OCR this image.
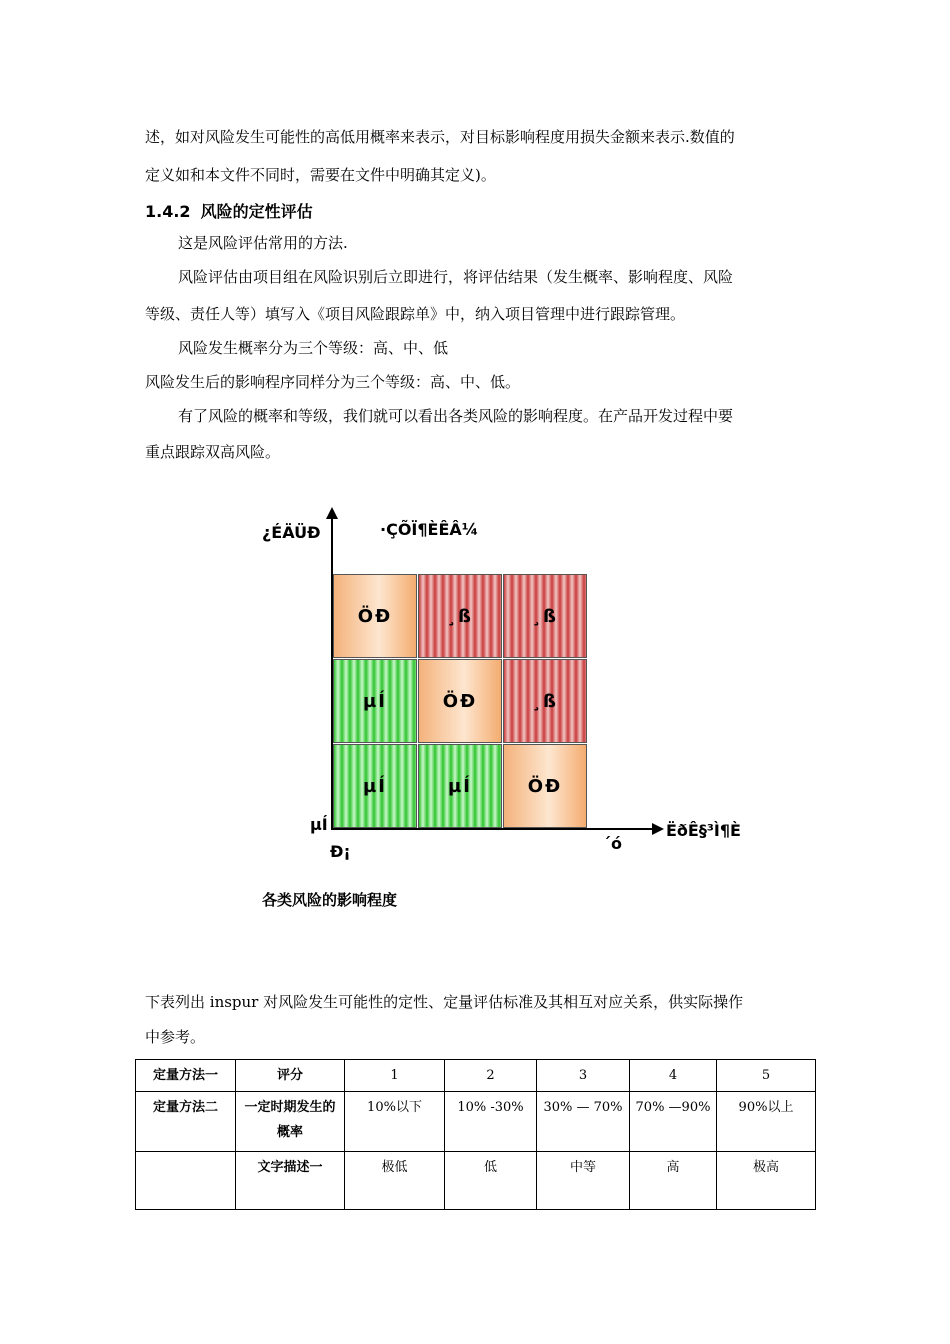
述，如对风险发生可能性的高低用概率来表示，对目标影响程度用损失金额来表示.数值的
定义如和本文件不同时，需要在文件中明确其定义)。
1.4.2 风险的定性评估
这是风险评估常用的方法.
风险评估由项目组在风险识别后立即进行，将评估结果（发生概率、影响程度、风险
等级、责任人等）填写入《项目风险跟踪单》中，纳入项目管理中进行跟踪管理。
风险发生概率分为三个等级：高、中、低
风险发生后的影响程序同样分为三个等级：高、中、低。
有了风险的概率和等级，我们就可以看出各类风险的影响程度。在产品开发过程中要
重点跟踪双高风险。
¿ÉÄÜÐ	·ÇÕÏ¶ÈÊÂ¼
µÍ
Ð¡	´ó
ËðÊ§³Ì¶È
ÖÐ	¸ß	¸ß
µÍ	ÖÐ	¸ß
µÍ	µÍ	ÖÐ
各类风险的影响程度
下表列出 inspur 对风险发生可能性的定性、定量评估标准及其相互对应关系，供实际操作
中参考。
定量方法一	评分	1	2	3	4	5
定量方法二	一定时期发生的概率	10%以下	10% -30%	30% — 70%	70% —90%	90%以上
	文字描述一	极低	低	中等	高	极高
